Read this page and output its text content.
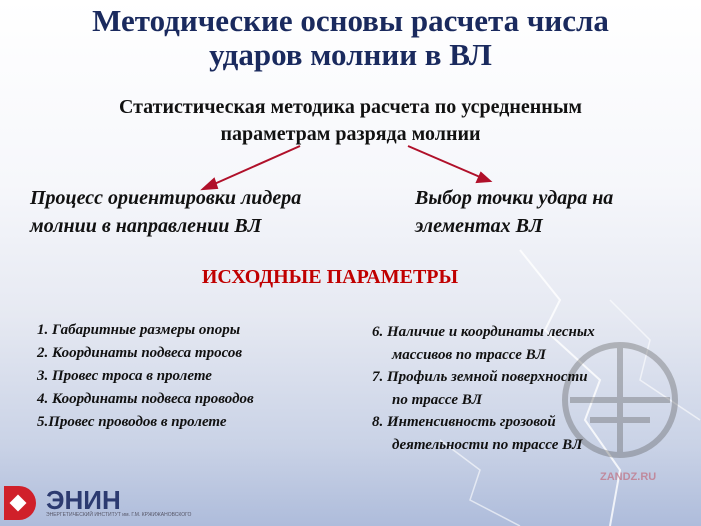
ZANDZ.RU
Методические основы расчета числа
ударов молнии в ВЛ
Статистическая методика расчета по усредненным
параметрам разряда молнии
Процесс ориентировки лидера
молнии в направлении ВЛ
Выбор точки удара на
элементах ВЛ
ИСХОДНЫЕ ПАРАМЕТРЫ
1. Габаритные размеры опоры
2. Координаты подвеса тросов
3. Провес троса в пролете
4. Координаты подвеса проводов
5.Провес проводов в пролете
6. Наличие и координаты лесных
массивов по трассе ВЛ
7. Профиль земной поверхности
по трассе ВЛ
8. Интенсивность грозовой
деятельности по трассе ВЛ
ЭНИН
ЭНЕРГЕТИЧЕСКИЙ ИНСТИТУТ им. Г.М. КРЖИЖАНОВСКОГО
